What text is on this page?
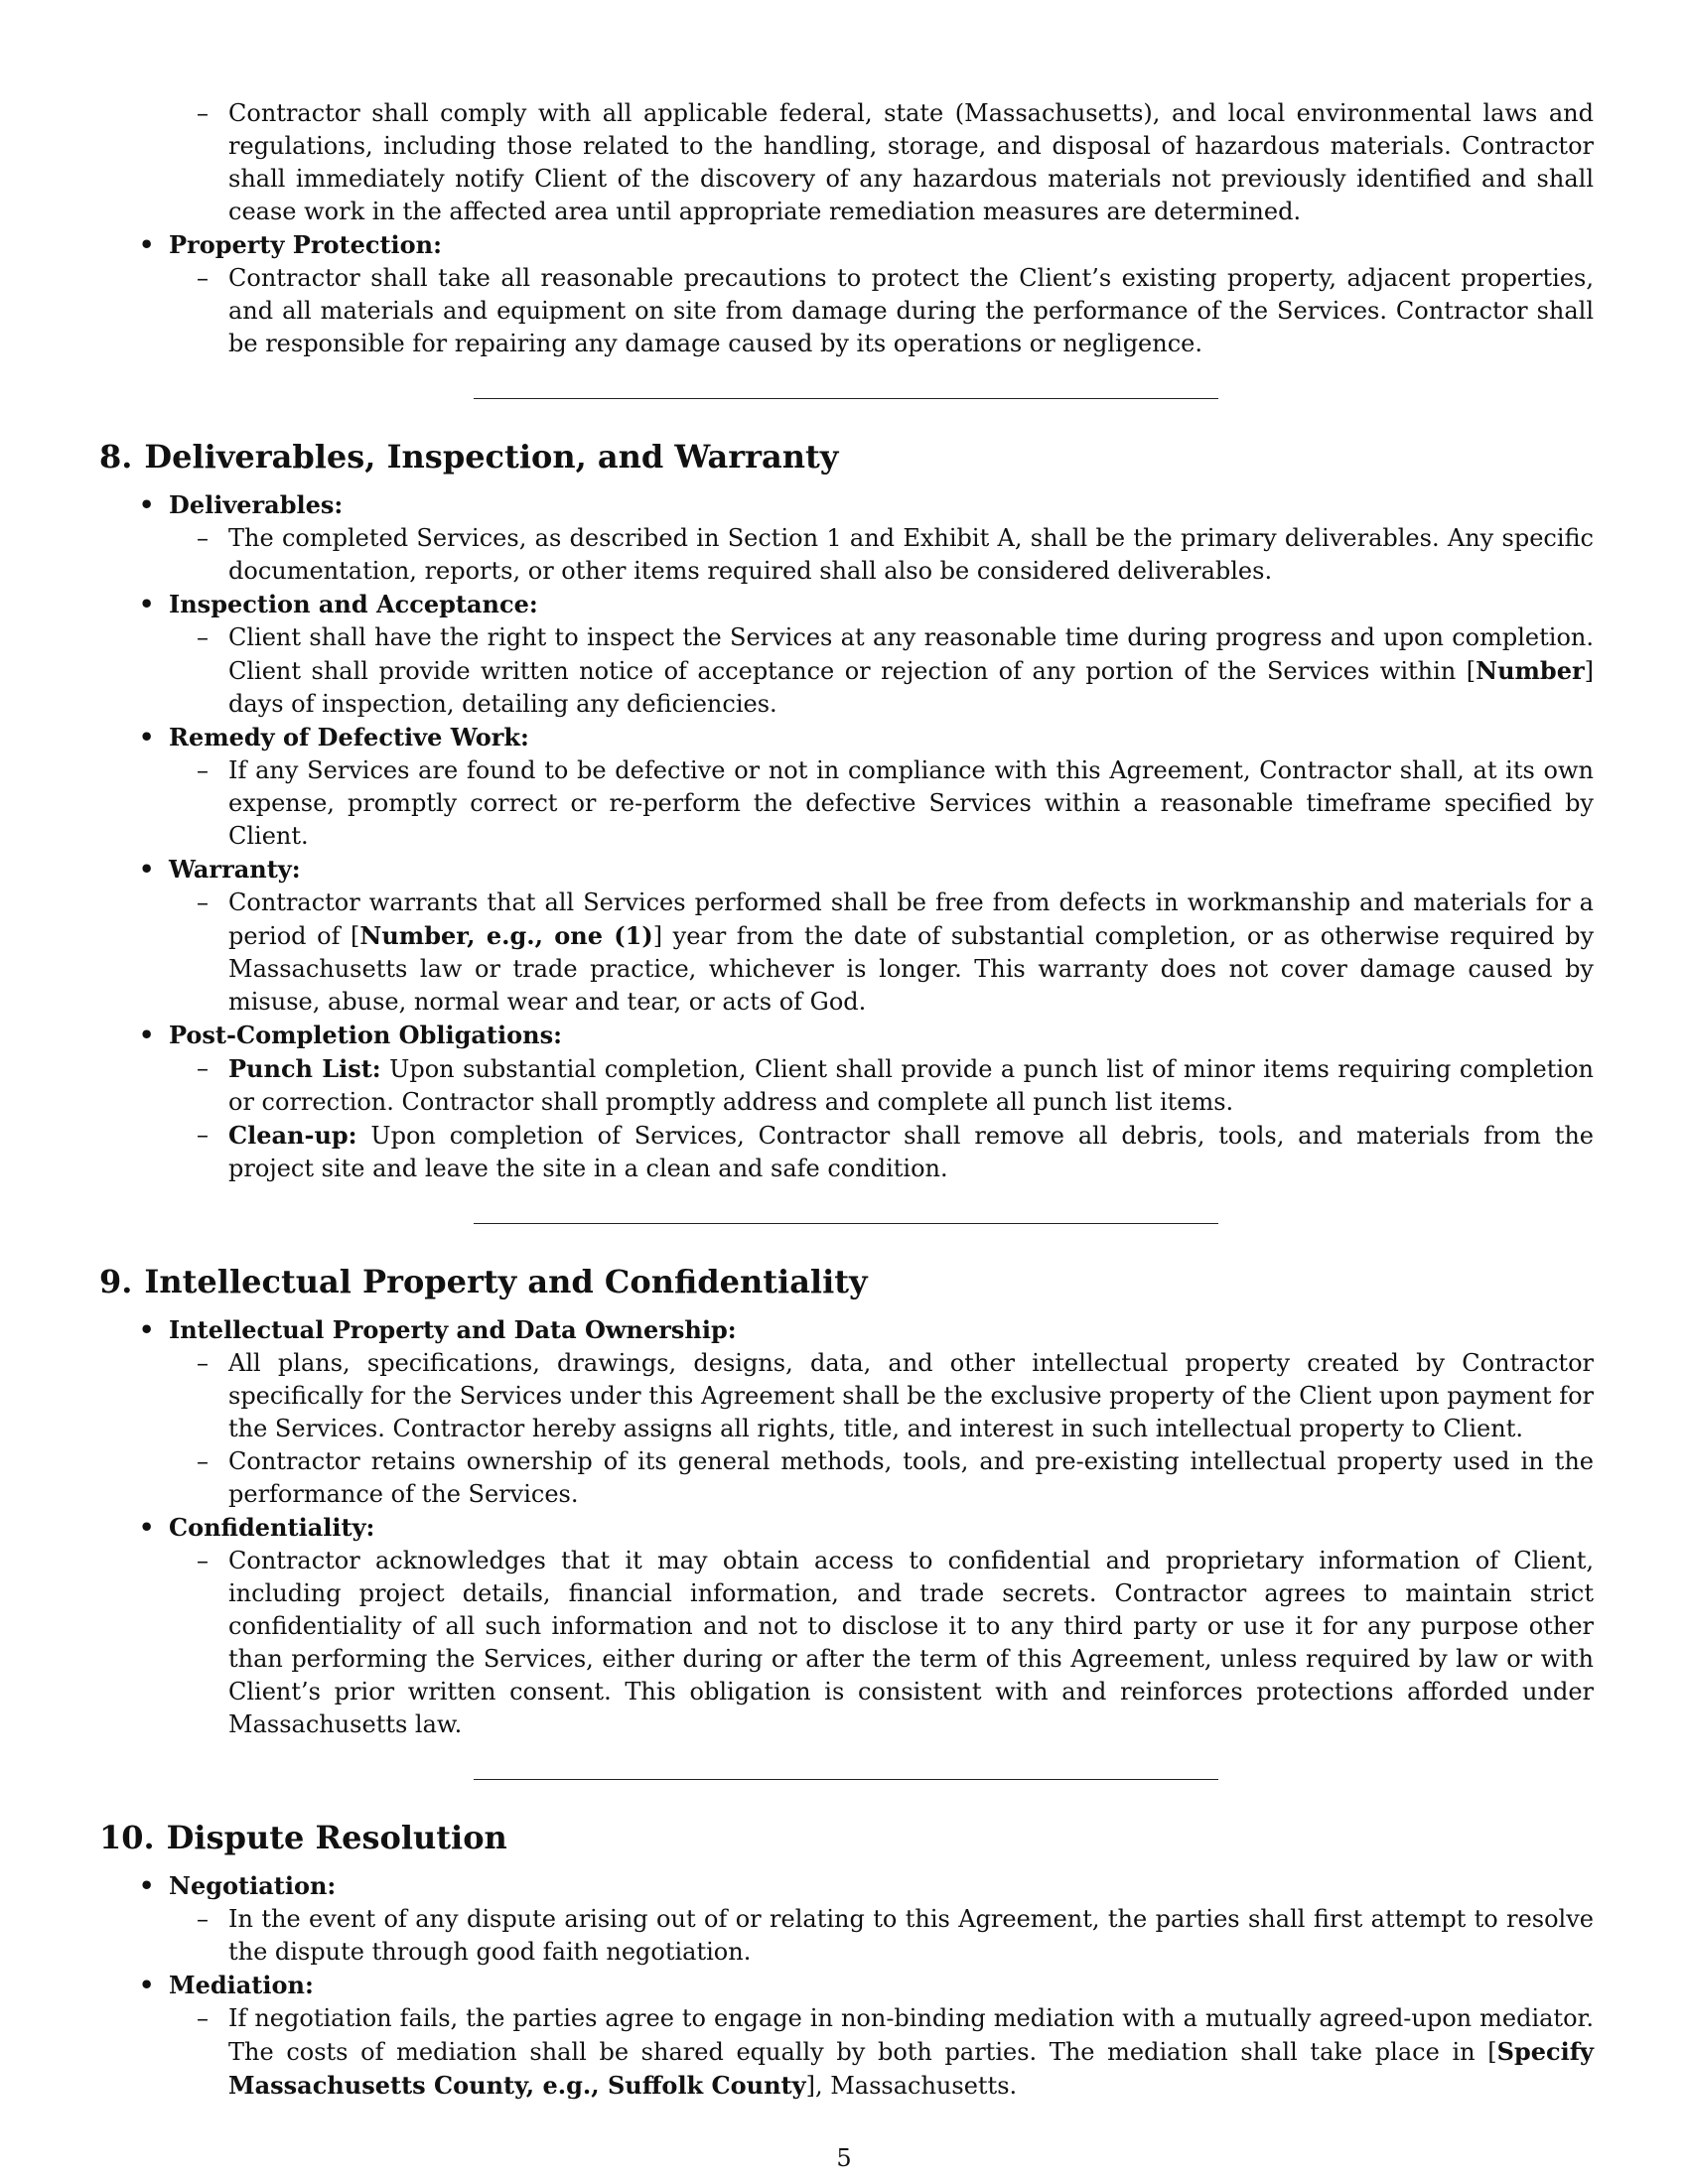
– Contractor shall comply with all applicable federal, state (Massachusetts), and local environmental laws and regulations, including those related to the handling, storage, and disposal of hazardous materials. Contractor shall immediately notify Client of the discovery of any hazardous materials not previously identified and shall cease work in the affected area until appropriate remediation measures are determined.

• Property Protection:

– Contractor shall take all reasonable precautions to protect the Client’s existing property, adjacent properties, and all materials and equipment on site from damage during the performance of the Services. Contractor shall be responsible for repairing any damage caused by its operations or negligence.

8. Deliverables, Inspection, and Warranty
• Deliverables:

– The completed Services, as described in Section 1 and Exhibit A, shall be the primary deliverables. Any specific documentation, reports, or other items required shall also be considered deliverables.

• Inspection and Acceptance:

– Client shall have the right to inspect the Services at any reasonable time during progress and upon completion. Client shall provide written notice of acceptance or rejection of any portion of the Services within [Number] days of inspection, detailing any deficiencies.

• Remedy of Defective Work:

– If any Services are found to be defective or not in compliance with this Agreement, Contractor shall, at its own expense, promptly correct or re-perform the defective Services within a reasonable timeframe specified by Client.

• Warranty:

– Contractor warrants that all Services performed shall be free from defects in workmanship and materials for a period of [Number, e.g., one (1)] year from the date of substantial completion, or as otherwise required by Massachusetts law or trade practice, whichever is longer. This warranty does not cover damage caused by misuse, abuse, normal wear and tear, or acts of God.

• Post-Completion Obligations:

– Punch List: Upon substantial completion, Client shall provide a punch list of minor items requiring completion or correction. Contractor shall promptly address and complete all punch list items.

– Clean-up: Upon completion of Services, Contractor shall remove all debris, tools, and materials from the project site and leave the site in a clean and safe condition.

9. Intellectual Property and Confidentiality
• Intellectual Property and Data Ownership:

– All plans, specifications, drawings, designs, data, and other intellectual property created by Contractor specifically for the Services under this Agreement shall be the exclusive property of the Client upon payment for the Services. Contractor hereby assigns all rights, title, and interest in such intellectual property to Client.

– Contractor retains ownership of its general methods, tools, and pre-existing intellectual property used in the performance of the Services.

• Confidentiality:

– Contractor acknowledges that it may obtain access to confidential and proprietary information of Client, including project details, financial information, and trade secrets. Contractor agrees to maintain strict confidentiality of all such information and not to disclose it to any third party or use it for any purpose other than performing the Services, either during or after the term of this Agreement, unless required by law or with Client’s prior written consent. This obligation is consistent with and reinforces protections afforded under Massachusetts law.

10. Dispute Resolution
• Negotiation:

– In the event of any dispute arising out of or relating to this Agreement, the parties shall first attempt to resolve the dispute through good faith negotiation.

• Mediation:

– If negotiation fails, the parties agree to engage in non-binding mediation with a mutually agreed-upon mediator. The costs of mediation shall be shared equally by both parties. The mediation shall take place in [Specify Massachusetts County, e.g., Suffolk County], Massachusetts.

5
